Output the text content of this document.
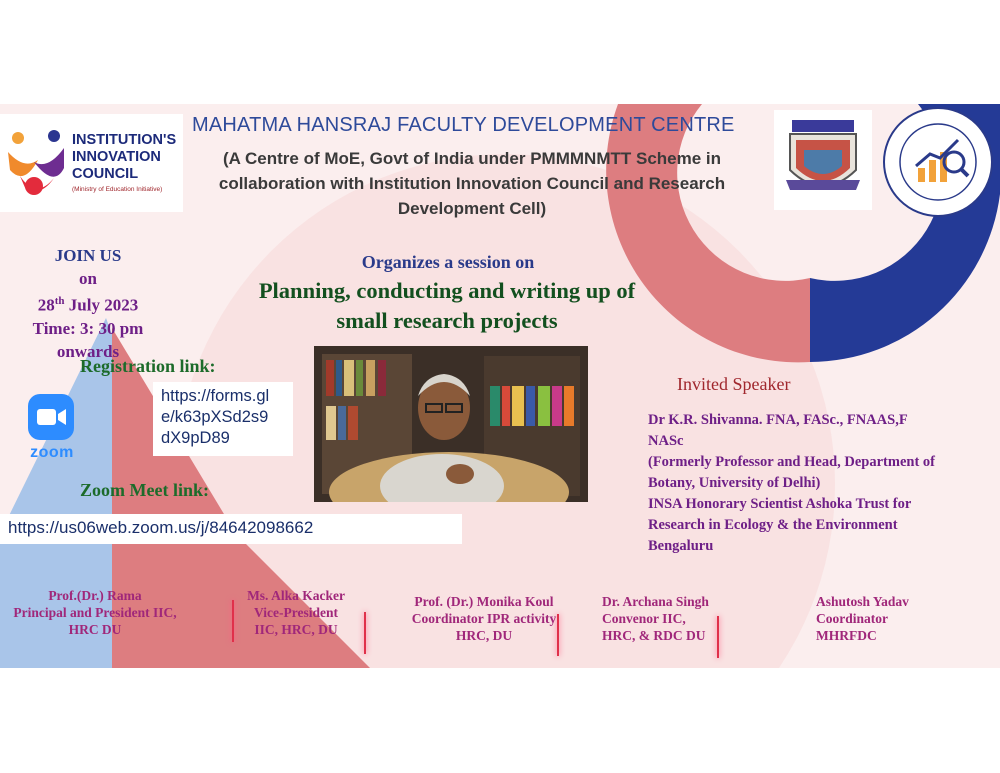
INSTITUTION'S
INNOVATION
COUNCIL
(Ministry of Education Initiative)
MAHATMA HANSRAJ FACULTY DEVELOPMENT CENTRE
(A Centre of MoE, Govt of India under PMMMNMTT Scheme in collaboration with Institution Innovation Council and Research Development Cell)
JOIN US
on
28th July 2023
Time: 3: 30 pm
onwards
Organizes a session on
Planning, conducting and writing up of
small research projects
Registration link:
https://forms.gl
e/k63pXSd2s9
dX9pD89
zoom
Zoom Meet link:
https://us06web.zoom.us/j/84642098662
Invited Speaker
Dr K.R. Shivanna. FNA, FASc., FNAAS,F
NASc
(Formerly Professor and Head, Department of
Botany, University of Delhi)
INSA Honorary Scientist Ashoka Trust for
Research in Ecology & the Environment
Bengaluru
Prof.(Dr.) Rama
Principal and President IIC,
HRC DU
Ms. Alka Kacker
Vice-President
IIC, HRC, DU
Prof. (Dr.) Monika Koul
Coordinator IPR activity
HRC, DU
Dr. Archana Singh
Convenor IIC,
HRC, & RDC DU
Ashutosh Yadav
Coordinator
MHRFDC
